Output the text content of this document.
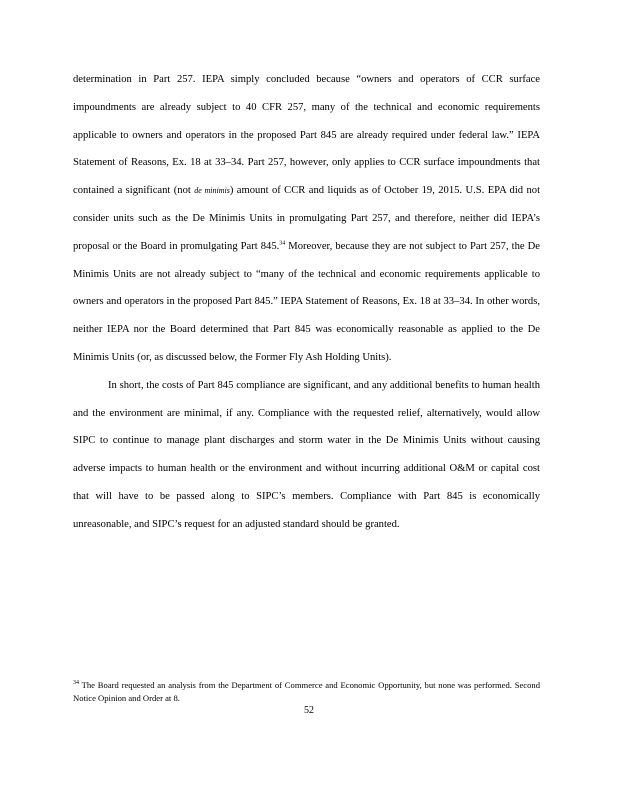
determination in Part 257. IEPA simply concluded because “owners and operators of CCR surface impoundments are already subject to 40 CFR 257, many of the technical and economic requirements applicable to owners and operators in the proposed Part 845 are already required under federal law.” IEPA Statement of Reasons, Ex. 18 at 33–34. Part 257, however, only applies to CCR surface impoundments that contained a significant (not de minimis) amount of CCR and liquids as of October 19, 2015. U.S. EPA did not consider units such as the De Minimis Units in promulgating Part 257, and therefore, neither did IEPA’s proposal or the Board in promulgating Part 845.34 Moreover, because they are not subject to Part 257, the De Minimis Units are not already subject to “many of the technical and economic requirements applicable to owners and operators in the proposed Part 845.” IEPA Statement of Reasons, Ex. 18 at 33–34. In other words, neither IEPA nor the Board determined that Part 845 was economically reasonable as applied to the De Minimis Units (or, as discussed below, the Former Fly Ash Holding Units).

In short, the costs of Part 845 compliance are significant, and any additional benefits to human health and the environment are minimal, if any. Compliance with the requested relief, alternatively, would allow SIPC to continue to manage plant discharges and storm water in the De Minimis Units without causing adverse impacts to human health or the environment and without incurring additional O&M or capital cost that will have to be passed along to SIPC’s members. Compliance with Part 845 is economically unreasonable, and SIPC’s request for an adjusted standard should be granted.

$^{34}$ The Board requested an analysis from the Department of Commerce and Economic Opportunity, but none was performed. Second Notice Opinion and Order at 8.
52
